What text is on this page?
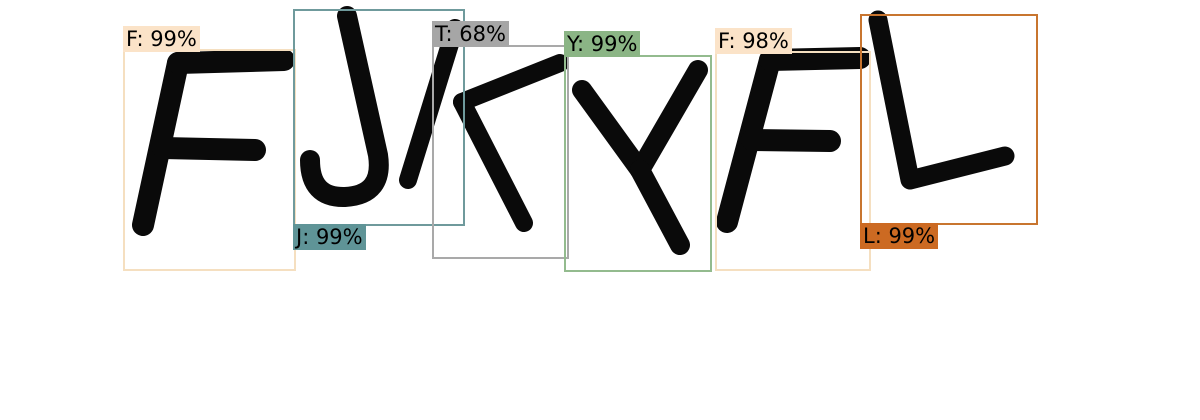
F: 99%
J: 99%
T: 68%	Y: 99%	F: 98%
L: 99%
